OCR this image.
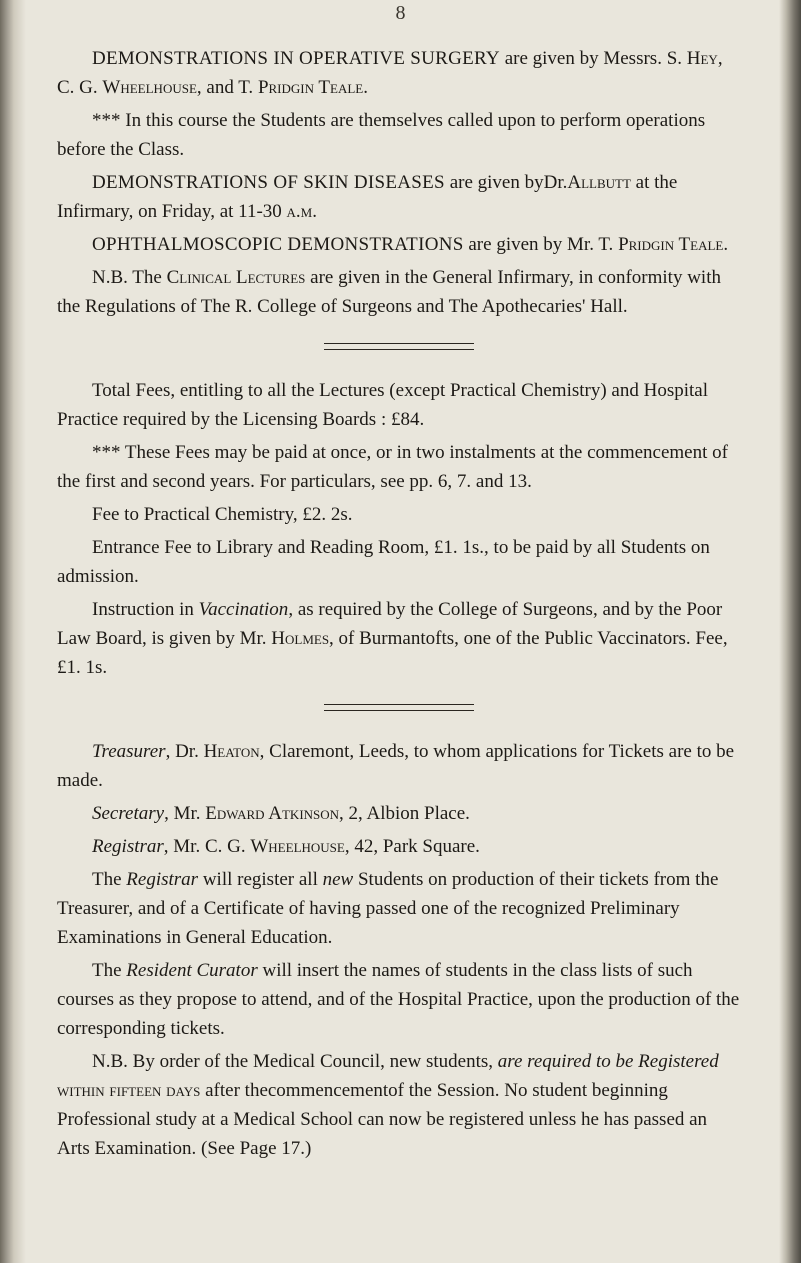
8

DEMONSTRATIONS IN OPERATIVE SURGERY are given by Messrs. S. Hey, C. G. Wheelhouse, and T. Pridgin Teale.

*** In this course the Students are themselves called upon to perform operations before the Class.

DEMONSTRATIONS OF SKIN DISEASES are given byDr.Allbutt at the Infirmary, on Friday, at 11-30 a.m.

OPHTHALMOSCOPIC DEMONSTRATIONS are given by Mr. T. Pridgin Teale.

N.B. The Clinical Lectures are given in the General Infirmary, in conformity with the Regulations of The R. College of Surgeons and The Apothecaries' Hall.

Total Fees, entitling to all the Lectures (except Practical Chemistry) and Hospital Practice required by the Licensing Boards : £84.

*** These Fees may be paid at once, or in two instalments at the commencement of the first and second years. For particulars, see pp. 6, 7. and 13.

Fee to Practical Chemistry, £2. 2s.

Entrance Fee to Library and Reading Room, £1. 1s., to be paid by all Students on admission.

Instruction in Vaccination, as required by the College of Surgeons, and by the Poor Law Board, is given by Mr. Holmes, of Burmantofts, one of the Public Vaccinators. Fee, £1. 1s.

Treasurer, Dr. Heaton, Claremont, Leeds, to whom applications for Tickets are to be made.

Secretary, Mr. Edward Atkinson, 2, Albion Place.

Registrar, Mr. C. G. Wheelhouse, 42, Park Square.

The Registrar will register all new Students on production of their tickets from the Treasurer, and of a Certificate of having passed one of the recognized Preliminary Examinations in General Education.

The Resident Curator will insert the names of students in the class lists of such courses as they propose to attend, and of the Hospital Practice, upon the production of the corresponding tickets.

N.B. By order of the Medical Council, new students, are required to be Registered within fifteen days after thecommencementof the Session. No student beginning Professional study at a Medical School can now be registered unless he has passed an Arts Examination. (See Page 17.)
